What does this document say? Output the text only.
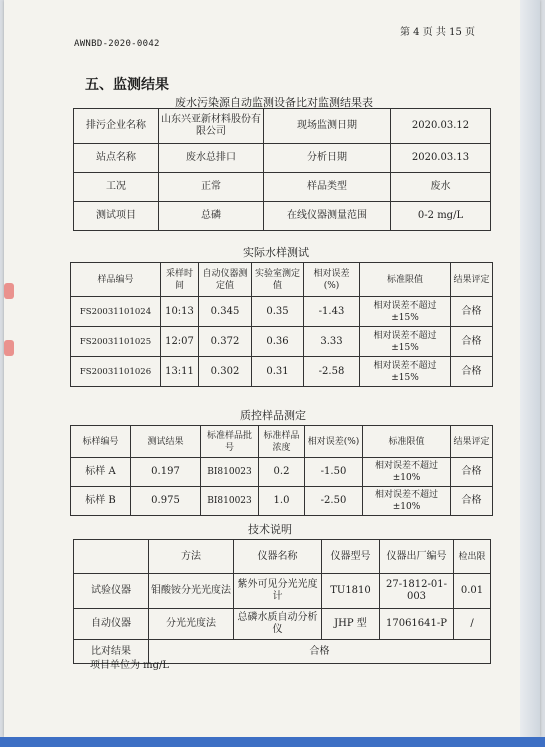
AWNBD-2020-0042
第 4 页 共 15 页
五、监测结果
废水污染源自动监测设备比对监测结果表
排污企业名称	山东兴亚新材料股份有限公司	现场监测日期	2020.03.12
站点名称	废水总排口	分析日期	2020.03.13
工况	正常	样品类型	废水
测试项目	总磷	在线仪器测量范围	0-2 mg/L
实际水样测试
样品编号	采样时间	自动仪器测定值	实验室测定值	相对误差(%)	标准限值	结果评定
FS20031101024	10:13	0.345	0.35	-1.43	相对误差不超过±15%	合格
FS20031101025	12:07	0.372	0.36	3.33	相对误差不超过±15%	合格
FS20031101026	13:11	0.302	0.31	-2.58	相对误差不超过±15%	合格
质控样品测定
标样编号	测试结果	标准样品批号	标准样品浓度	相对误差(%)	标准限值	结果评定
标样 A	0.197	BI810023	0.2	-1.50	相对误差不超过±10%	合格
标样 B	0.975	BI810023	1.0	-2.50	相对误差不超过±10%	合格
技术说明
	方法	仪器名称	仪器型号	仪器出厂编号	检出限
试验仪器	钼酸铵分光光度法	紫外可见分光光度计	TU1810	27-1812-01-003	0.01
自动仪器	分光光度法	总磷水质自动分析仪	JHP 型	17061641-P	/
比对结果	合格				
项目单位为 mg/L
